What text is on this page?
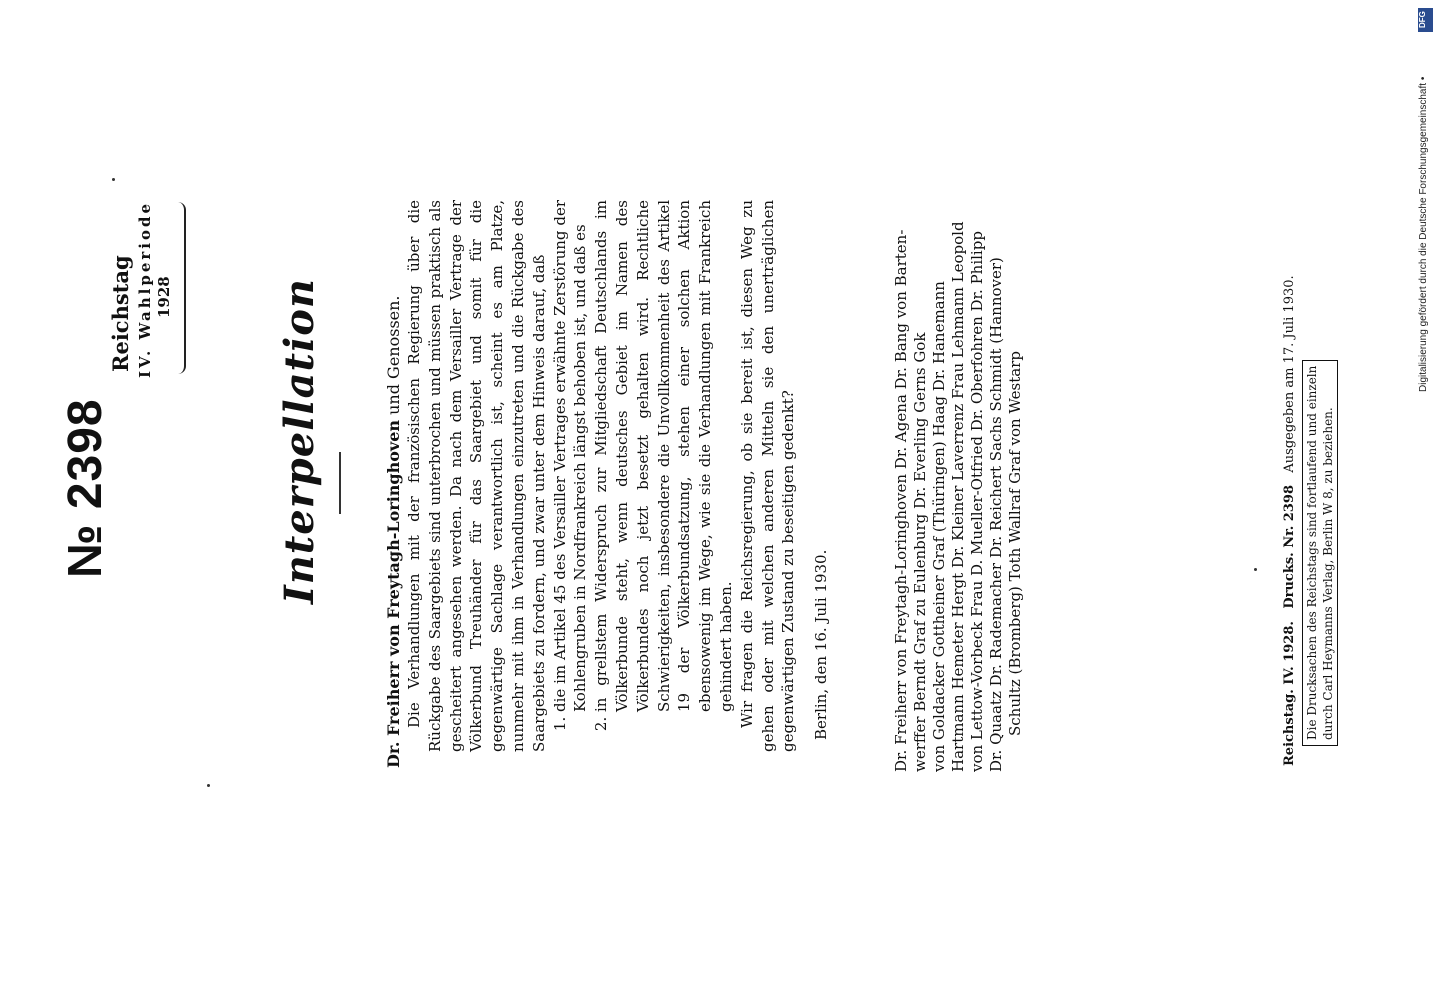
№ 2398
Reichstag IV. Wahlperiode 1928	Interpellation	Dr. Freiherr von Freytagh-Loringhoven und Genossen. Die Verhandlungen mit der französischen Regierung über die Rückgabe des Saargebiets sind unterbrochen und müssen praktisch als gescheitert angesehen werden. Da nach dem Versailler Vertrage der Völkerbund Treuhänder für das Saargebiet und somit für die gegenwärtige Sachlage verantwortlich ist, scheint es am Platze, nunmehr mit ihm in Verhandlungen einzutreten und die Rückgabe des Saargebiets zu fordern, und zwar unter dem Hinweis darauf, daß 1. die im Artikel 45 des Versailler Vertrages erwähnte Zerstörung der Kohlengruben in Nordfrankreich längst behoben ist, und daß es 2. in grellstem Widerspruch zur Mitgliedschaft Deutschlands im Völkerbunde steht, wenn deutsches Gebiet im Namen des Völkerbundes noch jetzt besetzt gehalten wird. Rechtliche Schwierigkeiten, insbesondere die Unvollkommenheit des Artikel 19 der Völkerbundsatzung, stehen einer solchen Aktion ebensowenig im Wege, wie sie die Verhandlungen mit Frankreich gehindert haben. Wir fragen die Reichsregierung, ob sie bereit ist, diesen Weg zu gehen oder mit welchen anderen Mitteln sie den unerträglichen gegenwärtigen Zustand zu beseitigen gedenkt? Berlin, den 16. Juli 1930.	Dr. Freiherr von Freytagh-Loringhoven Dr. Agena Dr. Bang von Barten- werffer Berndt Graf zu Eulenburg Dr. Everling Gerns Gok von Goldacker Gottheiner Graf (Thüringen) Haag Dr. Hanemann Hartmann Hemeter Hergt Dr. Kleiner Laverrenz Frau Lehmann Leopold von Lettow-Vorbeck Frau D. Mueller-Otfried Dr. Oberfohren Dr. Philipp Dr. Quaatz Dr. Rademacher Dr. Reichert Sachs Schmidt (Hannover) Schultz (Bromberg) Toth Wallraf Graf von Westarp	Reichstag. IV. 1928.   Drucks. Nr. 2398   Ausgegeben am 17. Juli 1930. Die Drucksachen des Reichstags sind fortlaufend und einzeln durch Carl Heymanns Verlag, Berlin W 8, zu beziehen.
Digitalisierung gefördert durch die Deutsche Forschungsgemeinschaft •
DFG
